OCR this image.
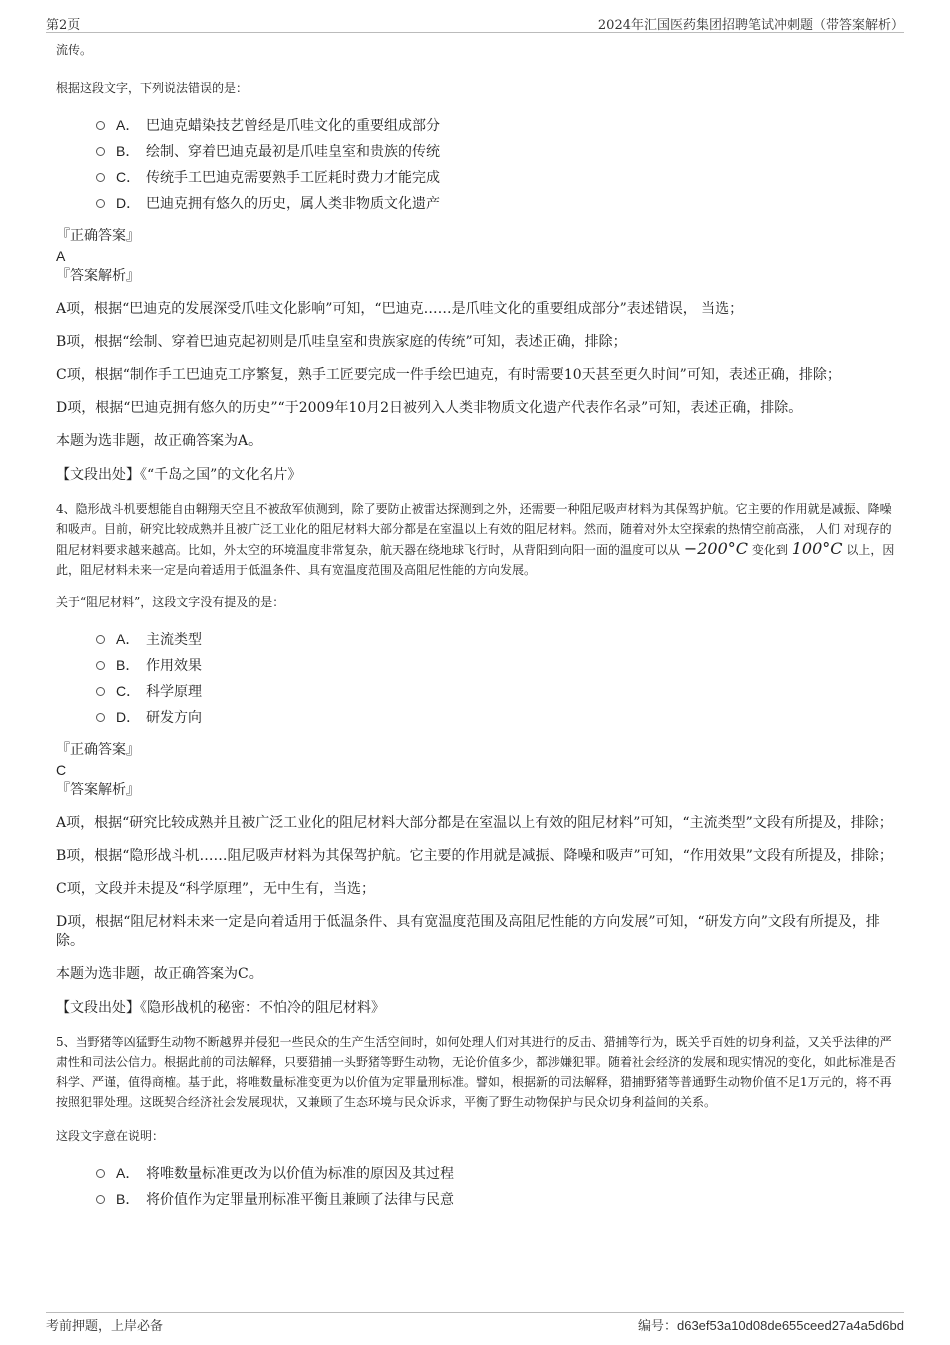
第2页	2024年汇国医药集团招聘笔试冲刺题（带答案解析）

流传。

根据这段文字，下列说法错误的是：

A． 巴迪克蜡染技艺曾经是爪哇文化的重要组成部分
B． 绘制、穿着巴迪克最初是爪哇皇室和贵族的传统
C． 传统手工巴迪克需要熟手工匠耗时费力才能完成
D． 巴迪克拥有悠久的历史，属人类非物质文化遗产

『正确答案』

A

『答案解析』

A项，根据“巴迪克的发展深受爪哇文化影响”可知，“巴迪克……是爪哇文化的重要组成部分”表述错误， 当选；

B项，根据“绘制、穿着巴迪克起初则是爪哇皇室和贵族家庭的传统”可知，表述正确，排除；

C项，根据“制作手工巴迪克工序繁复，熟手工匠要完成一件手绘巴迪克，有时需要10天甚至更久时间”可知，表述正确，排除；

D项，根据“巴迪克拥有悠久的历史”“于2009年10月2日被列入人类非物质文化遗产代表作名录”可知，表述正确，排除。

本题为选非题，故正确答案为A。

【文段出处】《“千岛之国”的文化名片》

4、隐形战斗机要想能自由翱翔天空且不被敌军侦测到，除了要防止被雷达探测到之外，还需要一种阻尼吸声材料为其保驾护航。它主要的作用就是减振、降噪和吸声。目前，研究比较成熟并且被广泛工业化的阻尼材料大部分都是在室温以上有效的阻尼材料。然而，随着对外太空探索的热情空前高涨， 人们 对现存的阻尼材料要求越来越高。比如，外太空的环境温度非常复杂，航天器在绕地球飞行时，从背阳到向阳一面的温度可以从 −200°C 变化到 100°C 以上，因此，阻尼材料未来一定是向着适用于低温条件、具有宽温度范围及高阻尼性能的方向发展。

关于“阻尼材料”，这段文字没有提及的是：

A． 主流类型
B． 作用效果
C． 科学原理
D． 研发方向

『正确答案』

C

『答案解析』

A项，根据“研究比较成熟并且被广泛工业化的阻尼材料大部分都是在室温以上有效的阻尼材料”可知，“主流类型”文段有所提及，排除；

B项，根据“隐形战斗机……阻尼吸声材料为其保驾护航。它主要的作用就是减振、降噪和吸声”可知，“作用效果”文段有所提及，排除；

C项，文段并未提及“科学原理”，无中生有，当选；

D项，根据“阻尼材料未来一定是向着适用于低温条件、具有宽温度范围及高阻尼性能的方向发展”可知，“研发方向”文段有所提及，排除。

本题为选非题，故正确答案为C。

【文段出处】《隐形战机的秘密：不怕冷的阻尼材料》

5、当野猪等凶猛野生动物不断越界并侵犯一些民众的生产生活空间时，如何处理人们对其进行的反击、猎捕等行为，既关乎百姓的切身利益，又关乎法律的严肃性和司法公信力。根据此前的司法解释，只要猎捕一头野猪等野生动物，无论价值多少，都涉嫌犯罪。随着社会经济的发展和现实情况的变化，如此标准是否科学、严谨，值得商榷。基于此，将唯数量标准变更为以价值为定罪量刑标准。譬如，根据新的司法解释，猎捕野猪等普通野生动物价值不足1万元的，将不再按照犯罪处理。这既契合经济社会发展现状，又兼顾了生态环境与民众诉求，平衡了野生动物保护与民众切身利益间的关系。

这段文字意在说明：

A． 将唯数量标准更改为以价值为标准的原因及其过程
B． 将价值作为定罪量刑标准平衡且兼顾了法律与民意
考前押题，上岸必备	编号：d63ef53a10d08de655ceed27a4a5d6bd
